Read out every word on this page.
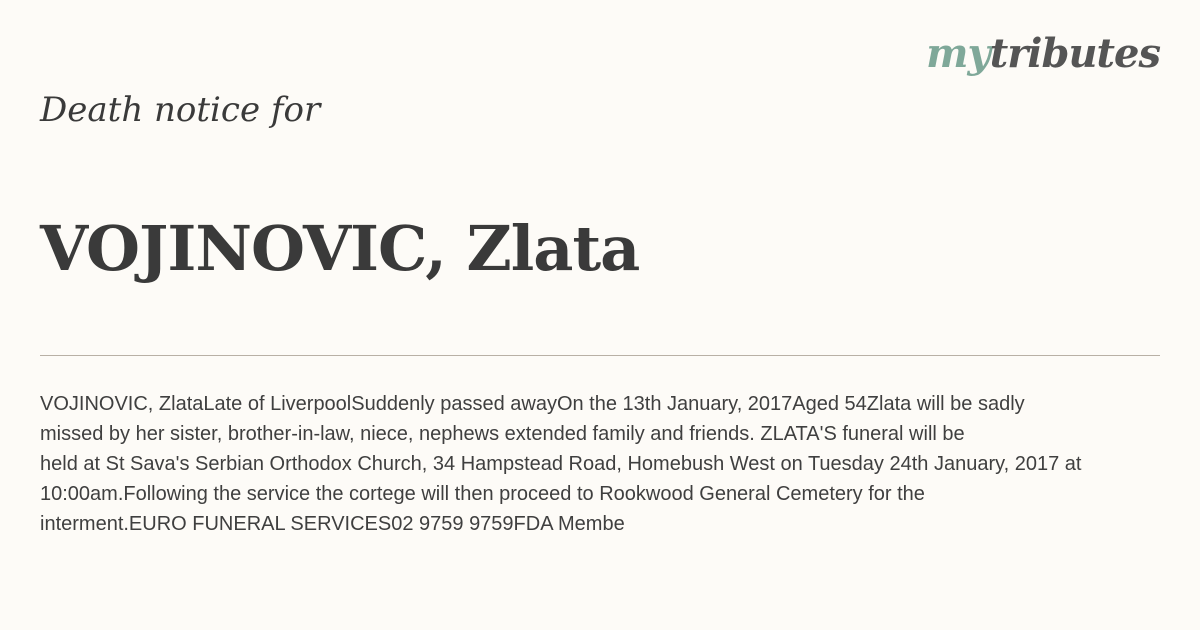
mytributes
Death notice for
VOJINOVIC, Zlata
VOJINOVIC, ZlataLate of LiverpoolSuddenly passed awayOn the 13th January, 2017Aged 54Zlata will be sadly
missed by her sister, brother-in-law, niece, nephews extended family and friends. ZLATA'S funeral will be
held at St Sava's Serbian Orthodox Church, 34 Hampstead Road, Homebush West on Tuesday 24th January, 2017 at
10:00am.Following the service the cortege will then proceed to Rookwood General Cemetery for the
interment.EURO FUNERAL SERVICES02 9759 9759FDA Membe
